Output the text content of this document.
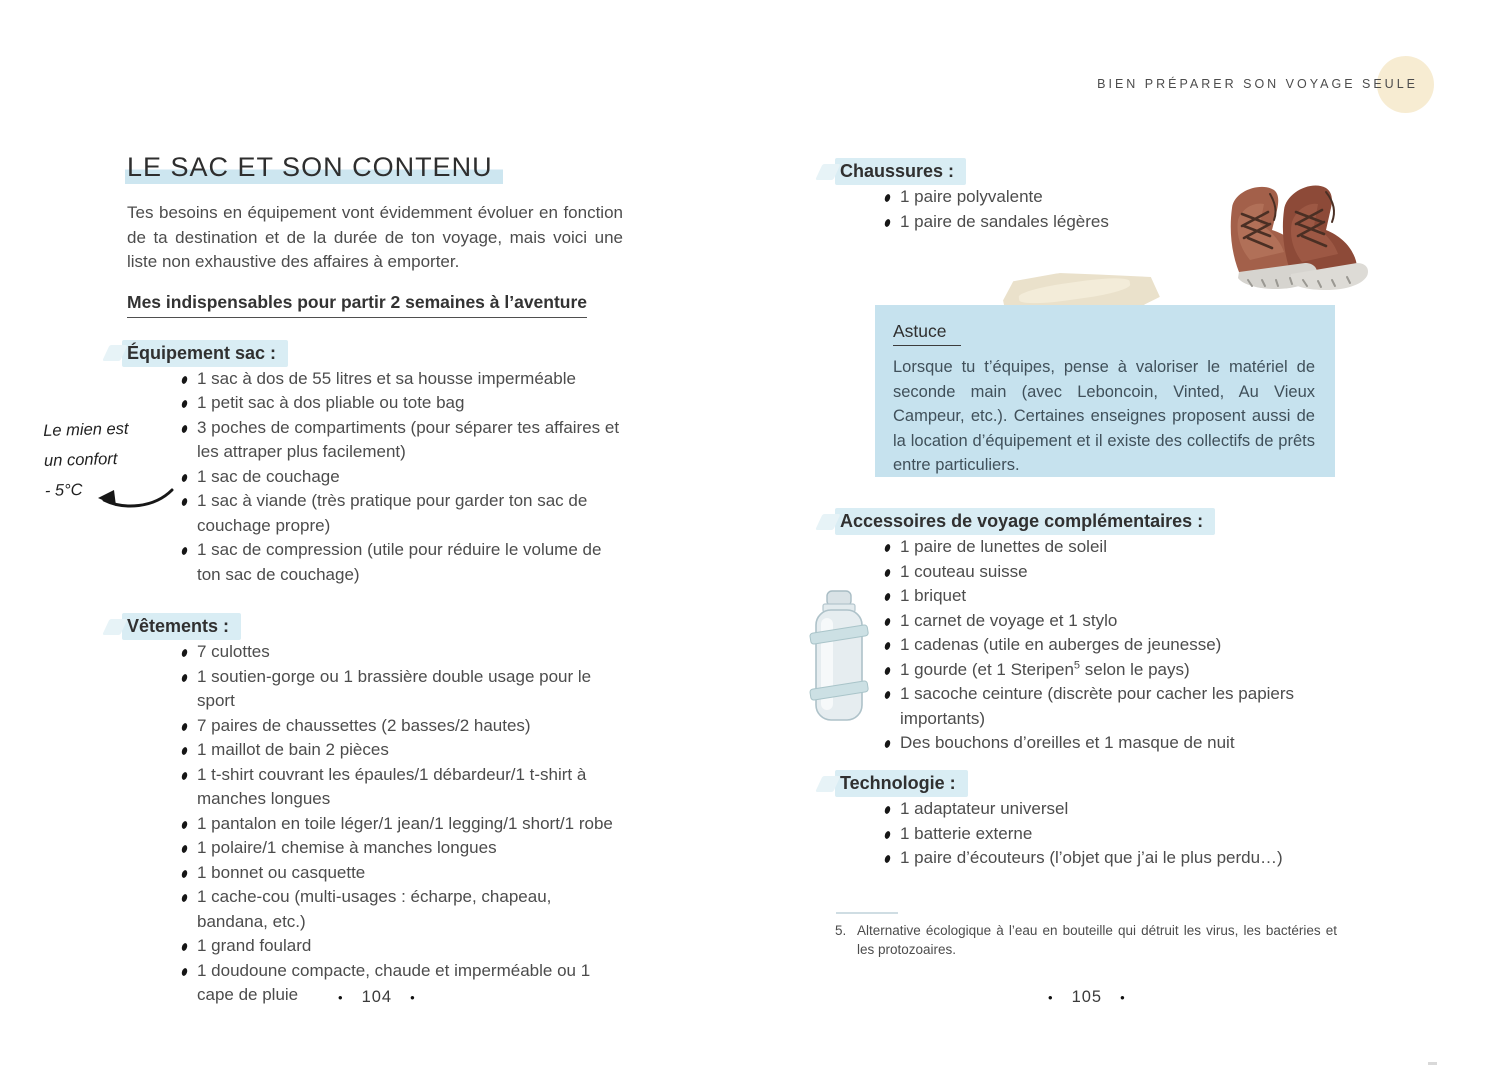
BIEN PRÉPARER SON VOYAGE SEULE
LE SAC ET SON CONTENU

Tes besoins en équipement vont évidemment évoluer en fonction de ta destination et de la durée de ton voyage, mais voici une liste non exhaustive des affaires à emporter.

Mes indispensables pour partir 2 semaines à l’aventure
Équipement sac :
1 sac à dos de 55 litres et sa housse imperméable
1 petit sac à dos pliable ou tote bag
3 poches de compartiments (pour séparer tes affaires et les attraper plus facilement)
1 sac de couchage
1 sac à viande (très pratique pour garder ton sac de couchage propre)
1 sac de compression (utile pour réduire le volume de ton sac de couchage)
Vêtements :
7 culottes
1 soutien-gorge ou 1 brassière double usage pour le sport
7 paires de chaussettes (2 basses/2 hautes)
1 maillot de bain 2 pièces
1 t-shirt couvrant les épaules/1 débardeur/1 t-shirt à manches longues
1 pantalon en toile léger/1 jean/1 legging/1 short/1 robe
1 polaire/1 chemise à manches longues
1 bonnet ou casquette
1 cache-cou (multi-usages : écharpe, chapeau, bandana, etc.)
1 grand foulard
1 doudoune compacte, chaude et imperméable ou 1 cape de pluie
Le mien est
un confort
- 5°C
• 104 •
Chaussures :
1 paire polyvalente
1 paire de sandales légères
Astuce

Lorsque tu t’équipes, pense à valoriser le matériel de seconde main (avec Leboncoin, Vinted, Au Vieux Campeur, etc.). Certaines enseignes proposent aussi de la location d’équipement et il existe des collectifs de prêts entre particuliers.

Accessoires de voyage complémentaires :
1 paire de lunettes de soleil
1 couteau suisse
1 briquet
1 carnet de voyage et 1 stylo
1 cadenas (utile en auberges de jeunesse)
1 gourde (et 1 Steripen$^5$ selon le pays)
1 sacoche ceinture (discrète pour cacher les papiers importants)
Des bouchons d’oreilles et 1 masque de nuit
Technologie :
1 adaptateur universel
1 batterie externe
1 paire d’écouteurs (l’objet que j’ai le plus perdu…)
5. Alternative écologique à l’eau en bouteille qui détruit les virus, les bactéries et les protozoaires.
• 105 •
